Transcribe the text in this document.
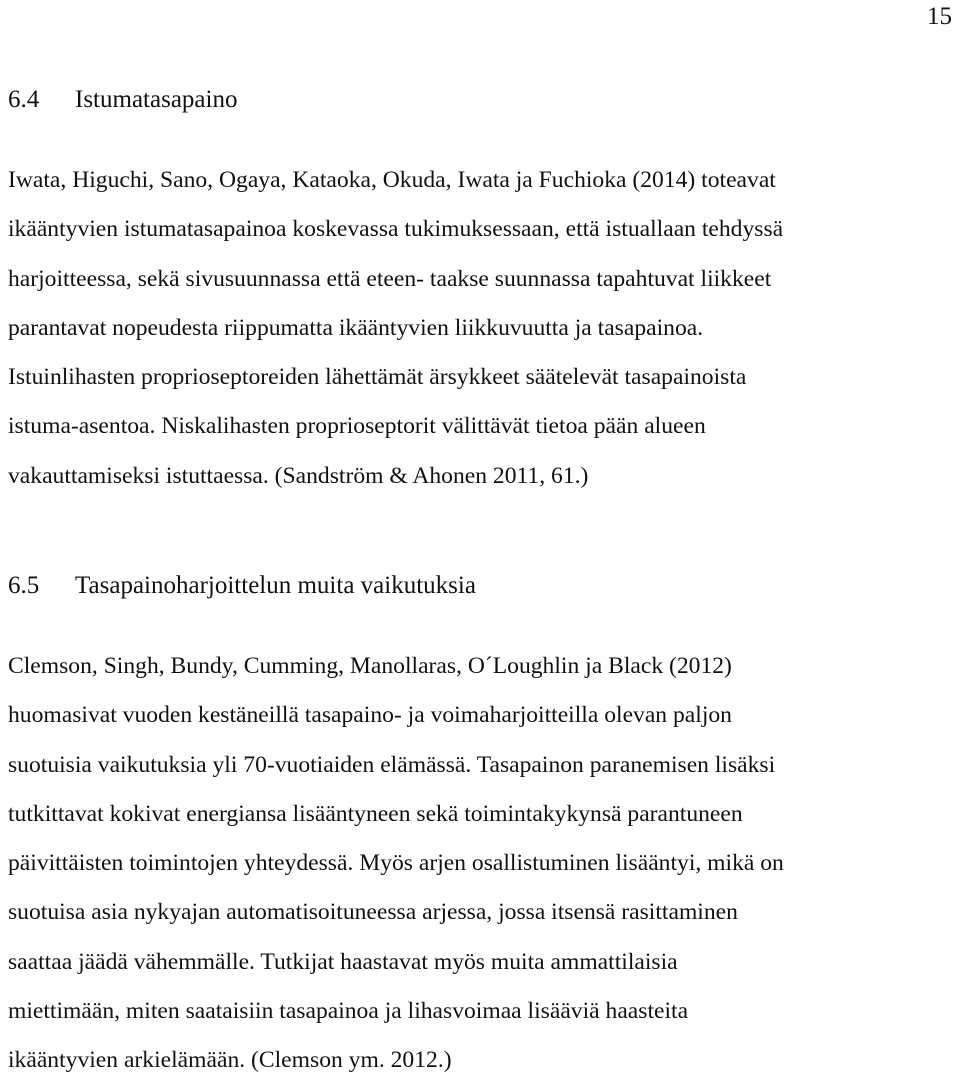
15
6.4 Istumatasapaino
Iwata, Higuchi, Sano, Ogaya, Kataoka, Okuda, Iwata ja Fuchioka (2014) toteavat
ikääntyvien istumatasapainoa koskevassa tukimuksessaan, että istuallaan tehdyssä
harjoitteessa, sekä sivusuunnassa että eteen- taakse suunnassa tapahtuvat liikkeet
parantavat nopeudesta riippumatta ikääntyvien liikkuvuutta ja tasapainoa.
Istuinlihasten proprioseptoreiden lähettämät ärsykkeet säätelevät tasapainoista
istuma-asentoa. Niskalihasten proprioseptorit välittävät tietoa pään alueen
vakauttamiseksi istuttaessa. (Sandström & Ahonen 2011, 61.)
6.5 Tasapainoharjoittelun muita vaikutuksia
Clemson, Singh, Bundy, Cumming, Manollaras, O´Loughlin ja Black (2012)
huomasivat vuoden kestäneillä tasapaino- ja voimaharjoitteilla olevan paljon
suotuisia vaikutuksia yli 70-vuotiaiden elämässä. Tasapainon paranemisen lisäksi
tutkittavat kokivat energiansa lisääntyneen sekä toimintakykynsä parantuneen
päivittäisten toimintojen yhteydessä. Myös arjen osallistuminen lisääntyi, mikä on
suotuisa asia nykyajan automatisoituneessa arjessa, jossa itsensä rasittaminen
saattaa jäädä vähemmälle. Tutkijat haastavat myös muita ammattilaisia
miettimään, miten saataisiin tasapainoa ja lihasvoimaa lisääviä haasteita
ikääntyvien arkielämään. (Clemson ym. 2012.)
